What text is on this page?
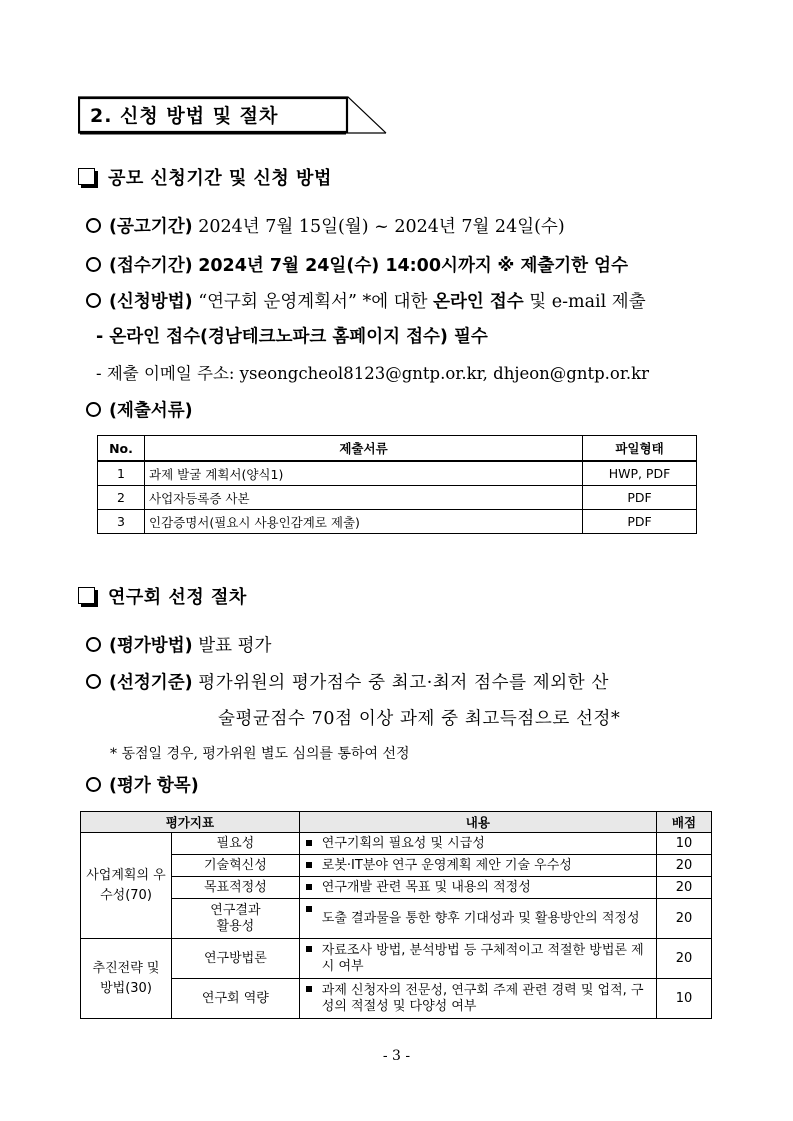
2. 신청 방법 및 절차
공모 신청기간 및 신청 방법
(공고기간) 2024년 7월 15일(월) ~ 2024년 7월 24일(수)
(접수기간) 2024년 7월 24일(수) 14:00시까지 ※ 제출기한 엄수
(신청방법) “연구회 운영계획서” *에 대한 온라인 접수 및 e-mail 제출
- 온라인 접수(경남테크노파크 홈페이지 접수) 필수
- 제출 이메일 주소: yseongcheol8123@gntp.or.kr, dhjeon@gntp.or.kr
(제출서류)
No.	제출서류	파일형태
1	과제 발굴 계획서(양식1)	HWP, PDF
2	사업자등록증 사본	PDF
3	인감증명서(필요시 사용인감계로 제출)	PDF
연구회 선정 절차
(평가방법) 발표 평가
(선정기준) 평가위원의 평가점수 중 최고·최저 점수를 제외한 산
술평균점수 70점 이상 과제 중 최고득점으로 선정*
* 동점일 경우, 평가위원 별도 심의를 통하여 선정
(평가 항목)
평가지표		내용	배점
사업계획의 우수성(70)	필요성	연구기획의 필요성 및 시급성	10
	기술혁신성	로봇·IT분야 연구 운영계획 제안 기술 우수성	20
	목표적정성	연구개발 관련 목표 및 내용의 적정성	20
	연구결과 활용성	도출 결과물을 통한 향후 기대성과 및 활용방안의 적정성	20
추진전략 및 방법(30)	연구방법론	자료조사 방법, 분석방법 등 구체적이고 적절한 방법론 제시 여부	20
	연구회 역량	과제 신청자의 전문성, 연구회 주제 관련 경력 및 업적, 구성의 적절성 및 다양성 여부	10
- 3 -
